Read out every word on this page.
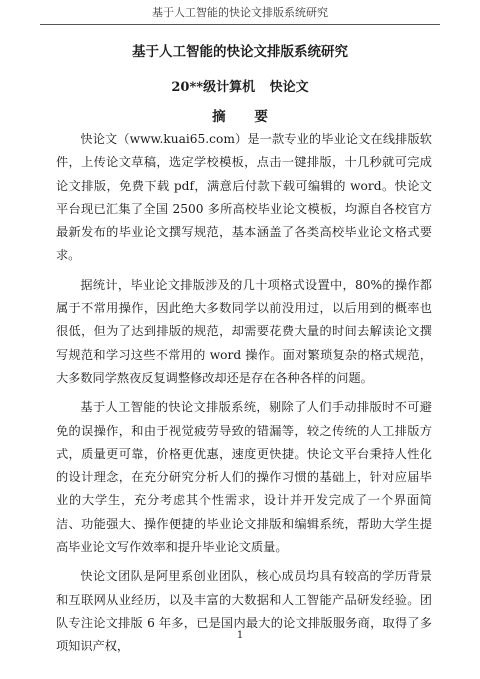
基于人工智能的快论文排版系统研究
基于人工智能的快论文排版系统研究
20**级计算机 快论文
摘 要

快论文（www.kuai65.com）是一款专业的毕业论文在线排版软件，上传论文草稿，选定学校模板，点击一键排版，十几秒就可完成论文排版，免费下载 pdf，满意后付款下载可编辑的 word。快论文平台现已汇集了全国 2500 多所高校毕业论文模板，均源自各校官方最新发布的毕业论文撰写规范，基本涵盖了各类高校毕业论文格式要求。

据统计，毕业论文排版涉及的几十项格式设置中，80%的操作都属于不常用操作，因此绝大多数同学以前没用过，以后用到的概率也很低，但为了达到排版的规范，却需要花费大量的时间去解读论文撰写规范和学习这些不常用的 word 操作。面对繁琐复杂的格式规范，大多数同学熬夜反复调整修改却还是存在各种各样的问题。

基于人工智能的快论文排版系统，剔除了人们手动排版时不可避免的误操作，和由于视觉疲劳导致的错漏等，较之传统的人工排版方式，质量更可靠，价格更优惠，速度更快捷。快论文平台秉持人性化的设计理念，在充分研究分析人们的操作习惯的基础上，针对应届毕业的大学生，充分考虑其个性需求，设计并开发完成了一个界面简洁、功能强大、操作便捷的毕业论文排版和编辑系统，帮助大学生提高毕业论文写作效率和提升毕业论文质量。

快论文团队是阿里系创业团队，核心成员均具有较高的学历背景和互联网从业经历，以及丰富的大数据和人工智能产品研发经验。团队专注论文排版 6 年多，已是国内最大的论文排版服务商，取得了多项知识产权，

1
